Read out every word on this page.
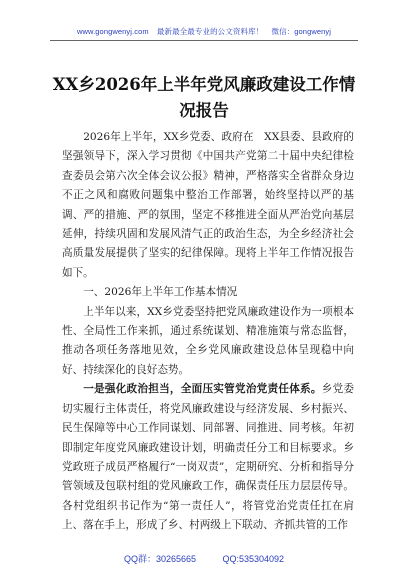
www.gongwenyj.com 最新最全最专业的公文资料库！ 微信：gongwenyj
XX乡2026年上半年党风廉政建设工作情况报告

2026年上半年，XX乡党委、政府在　XX县委、县政府的坚强领导下，深入学习贯彻《中国共产党第二十届中央纪律检查委员会第六次全体会议公报》精神，严格落实全省群众身边不正之风和腐败问题集中整治工作部署，始终坚持以严的基调、严的措施、严的氛围，坚定不移推进全面从严治党向基层延伸，持续巩固和发展风清气正的政治生态，为全乡经济社会高质量发展提供了坚实的纪律保障。现将上半年工作情况报告如下。

一、2026年上半年工作基本情况

上半年以来，XX乡党委坚持把党风廉政建设作为一项根本性、全局性工作来抓，通过系统谋划、精准施策与常态监督，推动各项任务落地见效，全乡党风廉政建设总体呈现稳中向好、持续深化的良好态势。

一是强化政治担当，全面压实管党治党责任体系。乡党委切实履行主体责任，将党风廉政建设与经济发展、乡村振兴、民生保障等中心工作同谋划、同部署、同推进、同考核。年初即制定年度党风廉政建设计划，明确责任分工和目标要求。乡党政班子成员严格履行“一岗双责”，定期研究、分析和指导分管领域及包联村组的党风廉政工作，确保责任压力层层传导。各村党组织书记作为“第一责任人”，将管党治党责任扛在肩上、落在手上，形成了乡、村两级上下联动、齐抓共管的工作

QQ群：30265665	QQ:535304092
